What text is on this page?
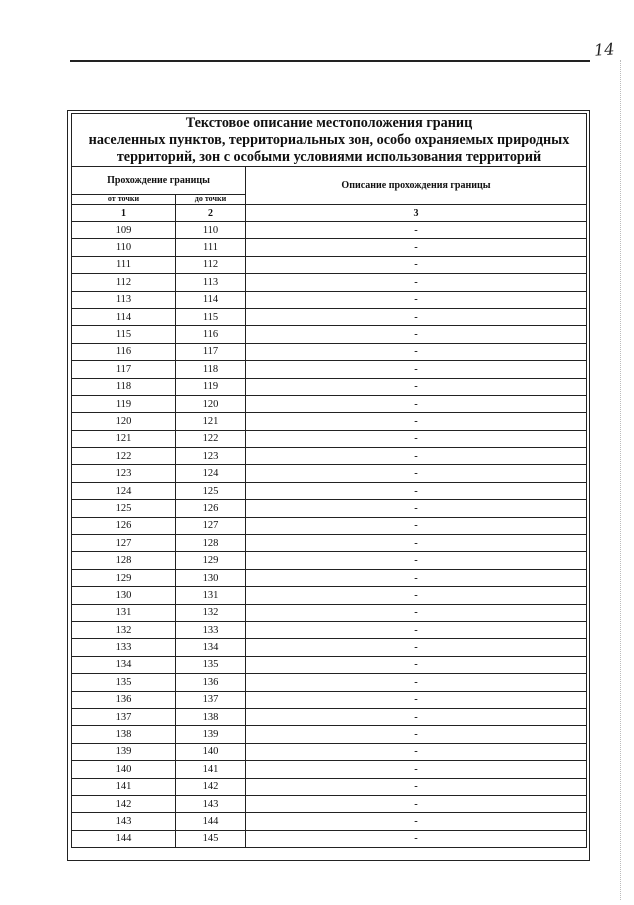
14
Текстовое описание местоположения границ
населенных пунктов, территориальных зон, особо охраняемых природных
территорий, зон с особыми условиями использования территорий		

Прохождение границы		Описание прохождения границы
от точки	до точки	
1	2	3
109	110	-
110	111	-
111	112	-
112	113	-
113	114	-
114	115	-
115	116	-
116	117	-
117	118	-
118	119	-
119	120	-
120	121	-
121	122	-
122	123	-
123	124	-
124	125	-
125	126	-
126	127	-
127	128	-
128	129	-
129	130	-
130	131	-
131	132	-
132	133	-
133	134	-
134	135	-
135	136	-
136	137	-
137	138	-
138	139	-
139	140	-
140	141	-
141	142	-
142	143	-
143	144	-
144	145	-
